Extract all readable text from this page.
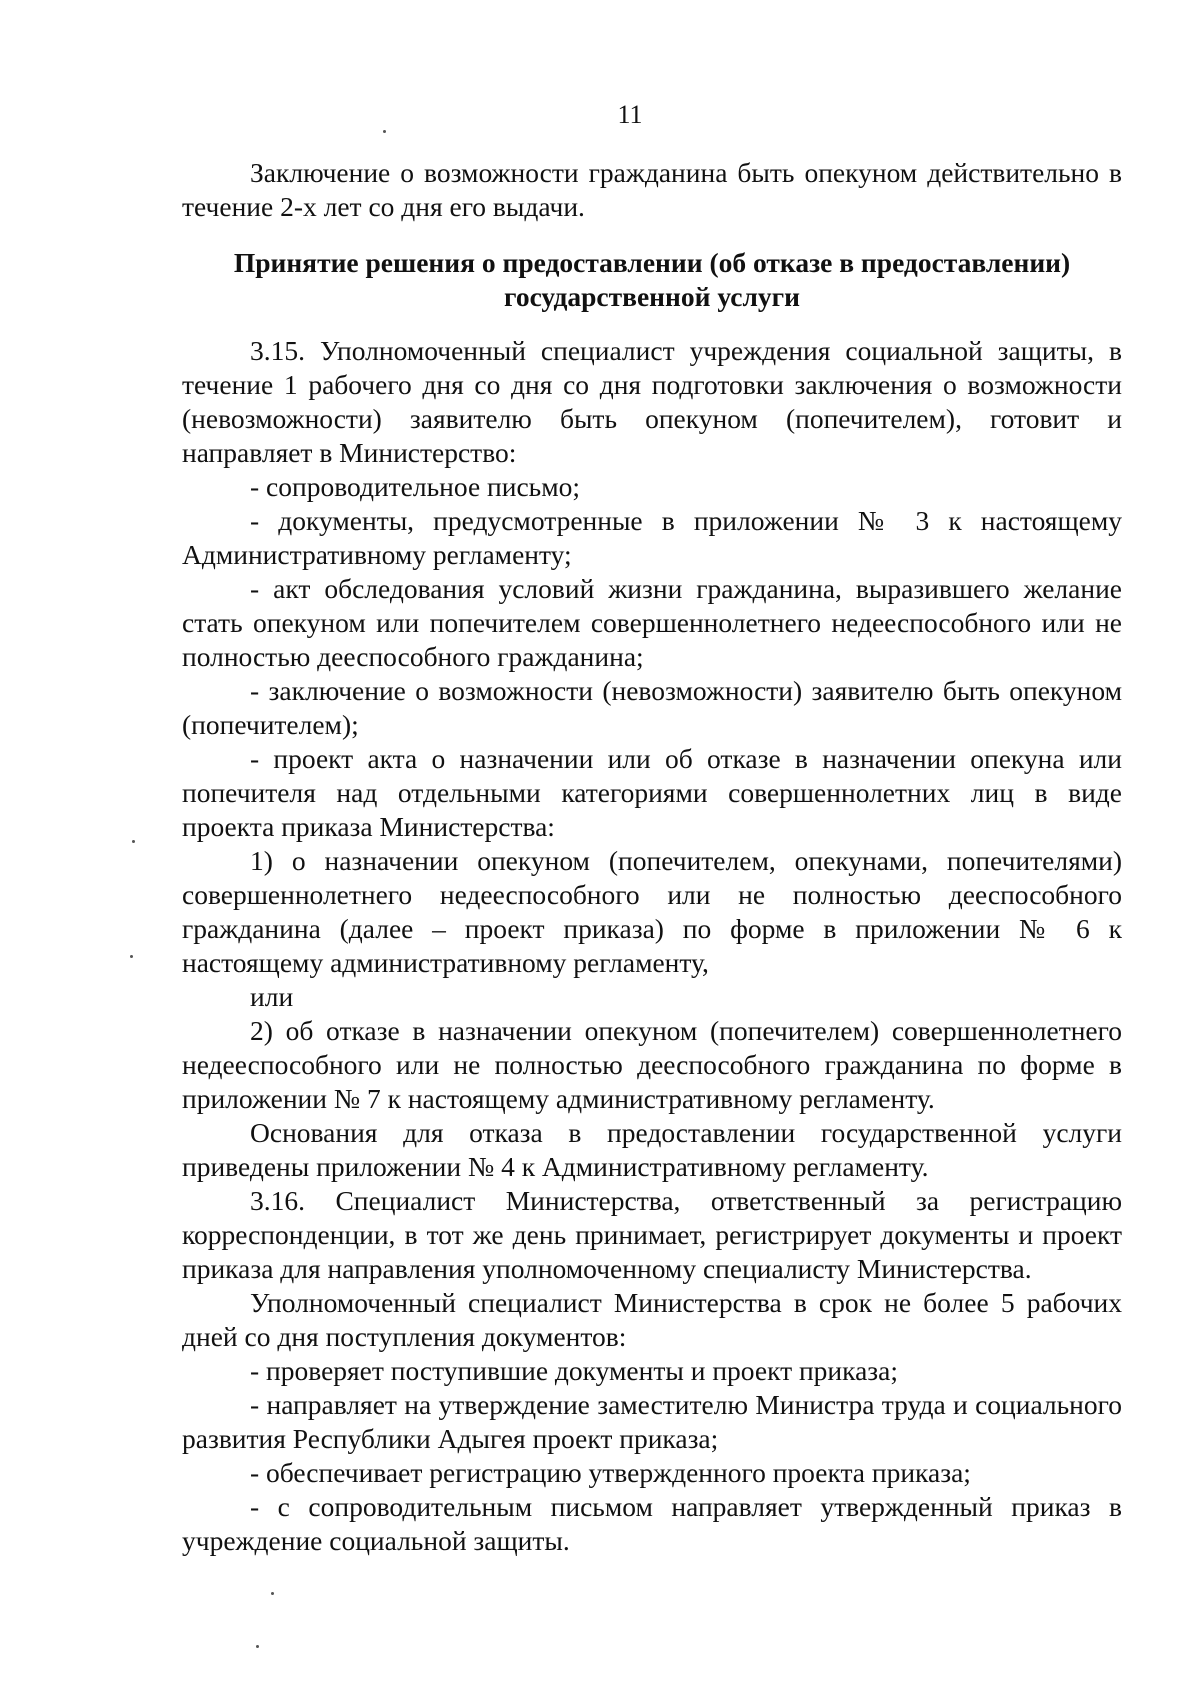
11

Заключение о возможности гражданина быть опекуном действительно в течение 2-х лет со дня его выдачи.

Принятие решения о предоставлении (об отказе в предоставлении)
государственной услуги

3.15. Уполномоченный специалист учреждения социальной защиты, в течение 1 рабочего дня со дня со дня подготовки заключения о возможности (невозможности) заявителю быть опекуном (попечителем), готовит и направляет в Министерство:

- сопроводительное письмо;

- документы, предусмотренные в приложении № 3 к настоящему Административному регламенту;

- акт обследования условий жизни гражданина, выразившего желание стать опекуном или попечителем совершеннолетнего недееспособного или не полностью дееспособного гражданина;

- заключение о возможности (невозможности) заявителю быть опекуном (попечителем);

- проект акта о назначении или об отказе в назначении опекуна или попечителя над отдельными категориями совершеннолетних лиц в виде проекта приказа Министерства:

1) о назначении опекуном (попечителем, опекунами, попечителями) совершеннолетнего недееспособного или не полностью дееспособного гражданина (далее – проект приказа) по форме в приложении № 6 к настоящему административному регламенту,

или

2) об отказе в назначении опекуном (попечителем) совершеннолетнего недееспособного или не полностью дееспособного гражданина по форме в приложении № 7 к настоящему административному регламенту.

Основания для отказа в предоставлении государственной услуги приведены приложении № 4 к Административному регламенту.

3.16. Специалист Министерства, ответственный за регистрацию корреспонденции, в тот же день принимает, регистрирует документы и проект приказа для направления уполномоченному специалисту Министерства.

Уполномоченный специалист Министерства в срок не более 5 рабочих дней со дня поступления документов:

- проверяет поступившие документы и проект приказа;

- направляет на утверждение заместителю Министра труда и социального развития Республики Адыгея проект приказа;

- обеспечивает регистрацию утвержденного проекта приказа;

- с сопроводительным письмом направляет утвержденный приказ в учреждение социальной защиты.
